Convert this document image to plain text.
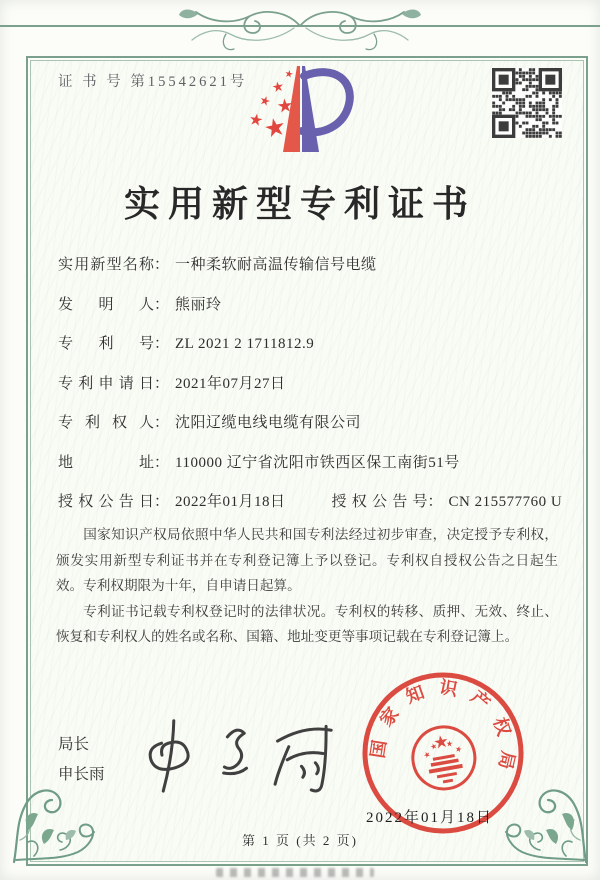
证 书 号 第15542621号
实用新型专利证书
实用新型名称： 一种柔软耐高温传输信号电缆
发明人： 熊丽玲
专利号： ZL 2021 2 1711812.9
专利申请日： 2021年07月27日
专利权人： 沈阳辽缆电线电缆有限公司
地址： 110000 辽宁省沈阳市铁西区保工南街51号
授权公告日： 2022年01月18日	授权公告号： CN 215577760 U

国家知识产权局依照中华人民共和国专利法经过初步审查，决定授予专利权，颁发实用新型专利证书并在专利登记簿上予以登记。专利权自授权公告之日起生效。专利权期限为十年，自申请日起算。

专利证书记载专利权登记时的法律状况。专利权的转移、质押、无效、终止、恢复和专利权人的姓名或名称、国籍、地址变更等事项记载在专利登记簿上。

局长
申长雨
国家知识产权局
2022年01月18日
第 1 页 (共 2 页)
